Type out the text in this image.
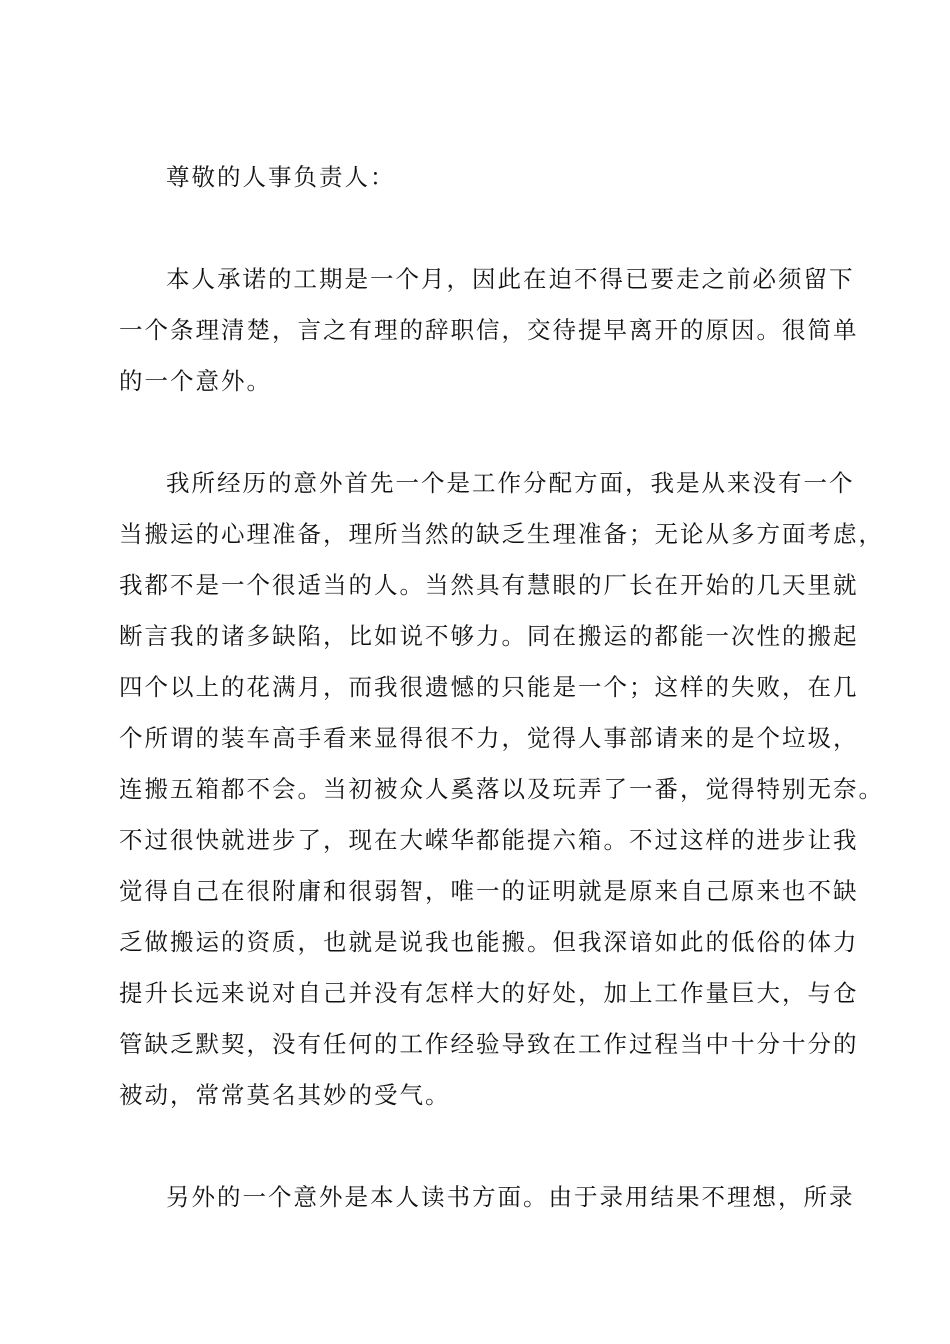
尊敬的人事负责人：
本人承诺的工期是一个月，因此在迫不得已要走之前必须留下
一个条理清楚，言之有理的辞职信，交待提早离开的原因。很简单
的一个意外。
我所经历的意外首先一个是工作分配方面，我是从来没有一个
当搬运的心理准备，理所当然的缺乏生理准备；无论从多方面考虑，
我都不是一个很适当的人。当然具有慧眼的厂长在开始的几天里就
断言我的诸多缺陷，比如说不够力。同在搬运的都能一次性的搬起
四个以上的花满月，而我很遗憾的只能是一个；这样的失败，在几
个所谓的装车高手看来显得很不力，觉得人事部请来的是个垃圾，
连搬五箱都不会。当初被众人奚落以及玩弄了一番，觉得特别无奈。
不过很快就进步了，现在大嵘华都能提六箱。不过这样的进步让我
觉得自己在很附庸和很弱智，唯一的证明就是原来自己原来也不缺
乏做搬运的资质，也就是说我也能搬。但我深谙如此的低俗的体力
提升长远来说对自己并没有怎样大的好处，加上工作量巨大，与仓
管缺乏默契，没有任何的工作经验导致在工作过程当中十分十分的
被动，常常莫名其妙的受气。
另外的一个意外是本人读书方面。由于录用结果不理想，所录
